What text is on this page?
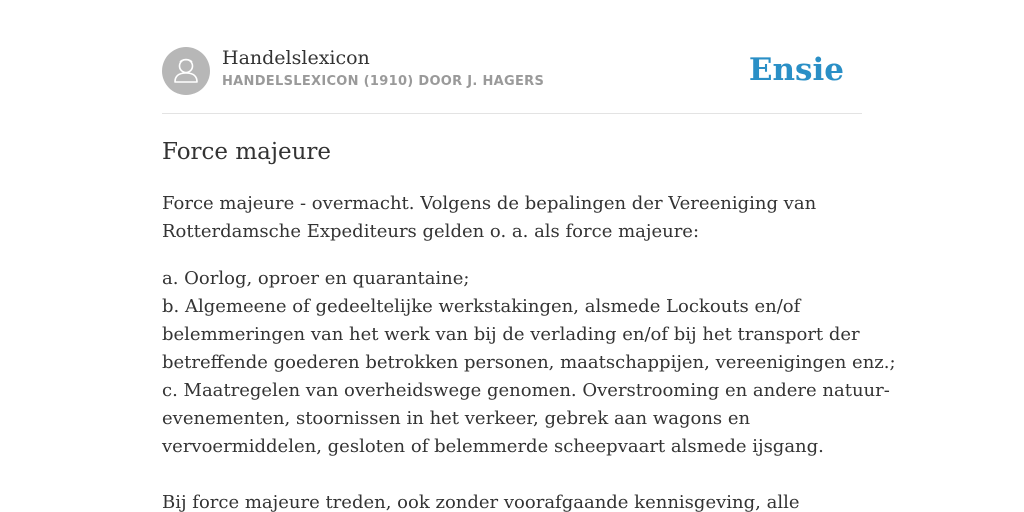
Handelslexicon
HANDELSLEXICON (1910) DOOR J. HAGERS	Ensie
Force majeure

Force majeure - overmacht. Volgens de bepalingen der Vereeniging van
Rotterdamsche Expediteurs gelden o. a. als force majeure:

a. Oorlog, oproer en quarantaine;
b. Algemeene of gedeeltelijke werkstakingen, alsmede Lockouts en/of
belemmeringen van het werk van bij de verlading en/of bij het transport der
betreffende goederen betrokken personen, maatschappijen, vereenigingen enz.;
c. Maatregelen van overheidswege genomen. Overstrooming en andere natuur-
evenementen, stoornissen in het verkeer, gebrek aan wagons en
vervoermiddelen, gesloten of belemmerde scheepvaart alsmede ijsgang.

Bij force majeure treden, ook zonder voorafgaande kennisgeving, alle
